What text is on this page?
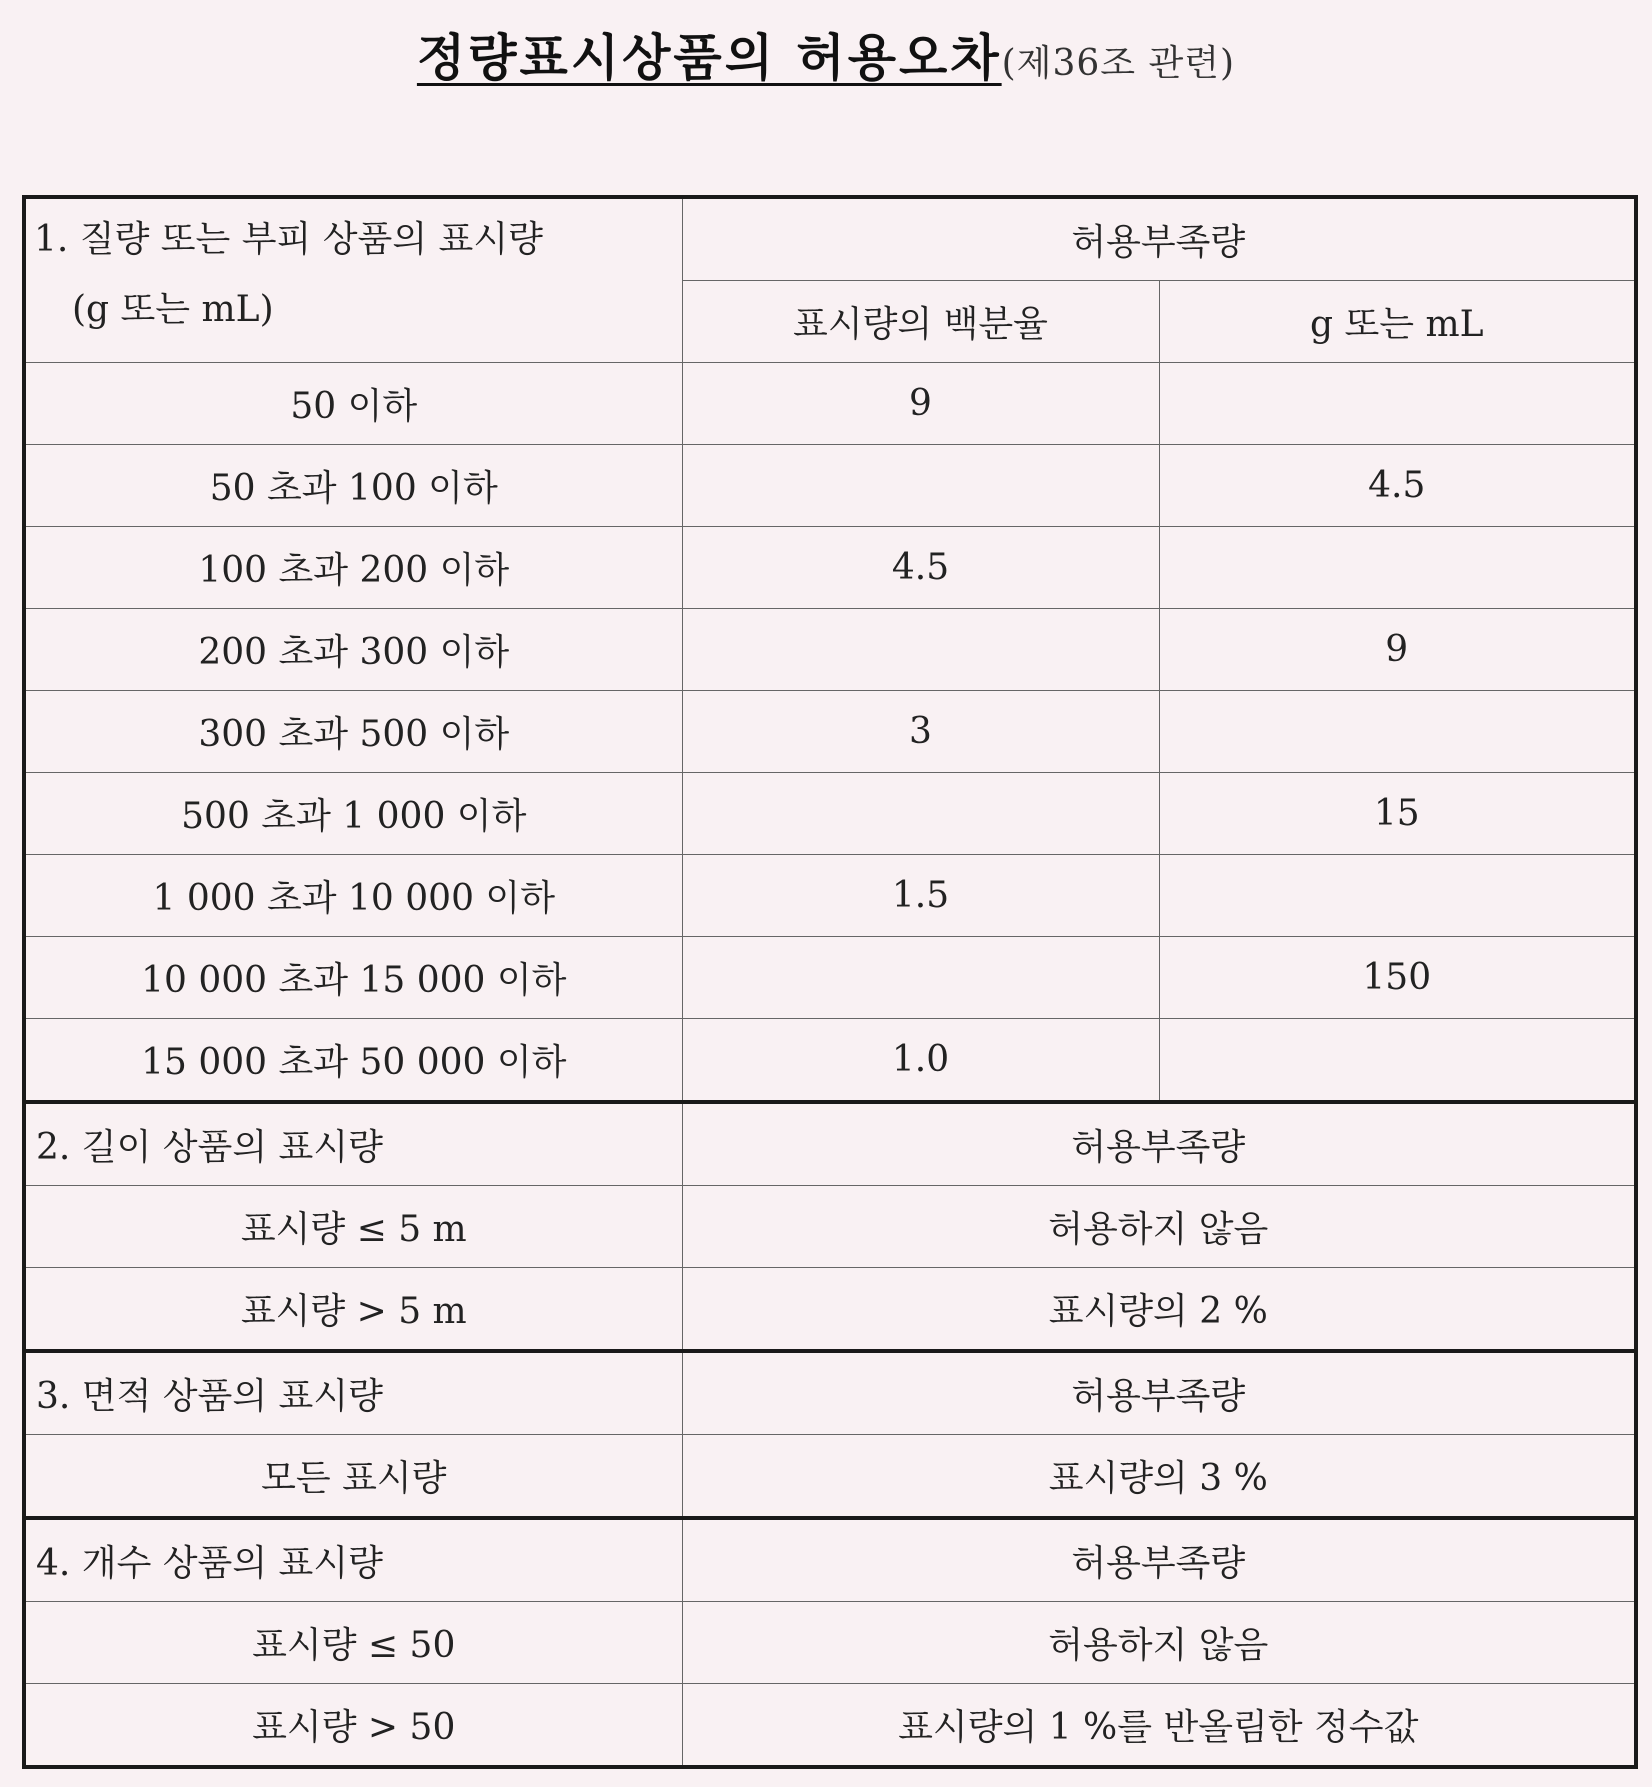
정량표시상품의 허용오차(제36조 관련)
1. 질량 또는 부피 상품의 표시량
(g 또는 mL)	허용부족량	
	표시량의 백분율	g 또는 mL
50 이하	9	
50 초과 100 이하		4.5
100 초과 200 이하	4.5	
200 초과 300 이하		9
300 초과 500 이하	3	
500 초과 1 000 이하		15
1 000 초과 10 000 이하	1.5	
10 000 초과 15 000 이하		150
15 000 초과 50 000 이하	1.0	
2. 길이 상품의 표시량	허용부족량	
표시량 ≤ 5 m	허용하지 않음	
표시량 > 5 m	표시량의 2 %	
3. 면적 상품의 표시량	허용부족량	
모든 표시량	표시량의 3 %	
4. 개수 상품의 표시량	허용부족량	
표시량 ≤ 50	허용하지 않음	
표시량 > 50	표시량의 1 %를 반올림한 정수값	
